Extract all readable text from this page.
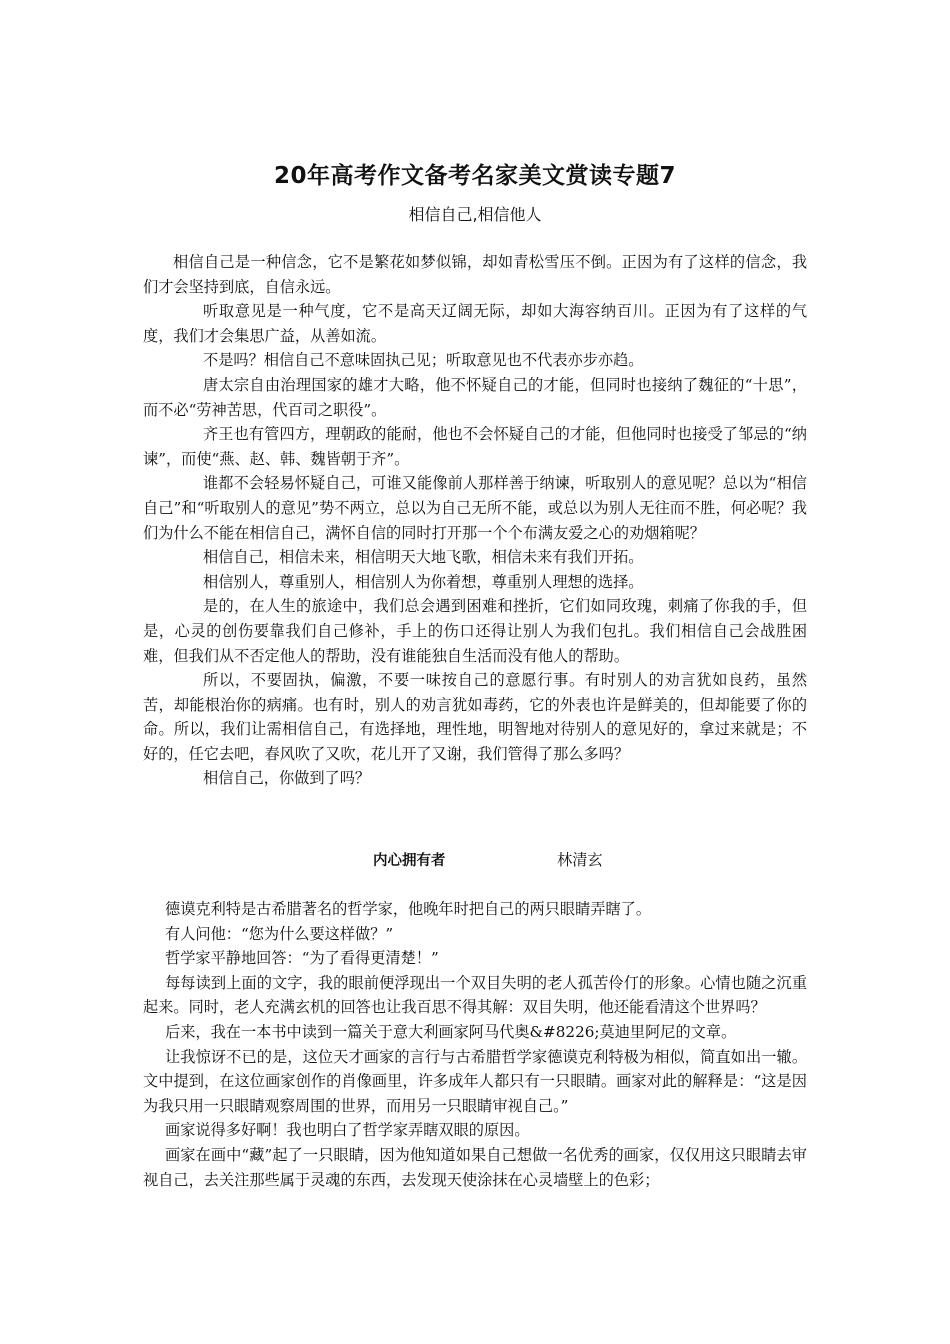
20年高考作文备考名家美文赏读专题7
相信自己,相信他人

相信自己是一种信念，它不是繁花如梦似锦，却如青松雪压不倒。正因为有了这样的信念，我们才会坚持到底，自信永远。

听取意见是一种气度，它不是高天辽阔无际，却如大海容纳百川。正因为有了这样的气度，我们才会集思广益，从善如流。

不是吗？相信自己不意味固执己见；听取意见也不代表亦步亦趋。

唐太宗自由治理国家的雄才大略，他不怀疑自己的才能，但同时也接纳了魏征的“十思”，而不必“劳神苦思，代百司之职役”。

齐王也有管四方，理朝政的能耐，他也不会怀疑自己的才能，但他同时也接受了邹忌的“纳谏”，而使“燕、赵、韩、魏皆朝于齐”。

谁都不会轻易怀疑自己，可谁又能像前人那样善于纳谏，听取别人的意见呢？总以为“相信自己”和“听取别人的意见”势不两立，总以为自己无所不能，或总以为别人无往而不胜，何必呢？我们为什么不能在相信自己，满怀自信的同时打开那一个个布满友爱之心的劝烟箱呢？

相信自己，相信未来，相信明天大地飞歌，相信未来有我们开拓。

相信别人，尊重别人，相信别人为你着想，尊重别人理想的选择。

是的，在人生的旅途中，我们总会遇到困难和挫折，它们如同玫瑰，刺痛了你我的手，但是，心灵的创伤要靠我们自己修补，手上的伤口还得让别人为我们包扎。我们相信自己会战胜困难，但我们从不否定他人的帮助，没有谁能独自生活而没有他人的帮助。

所以，不要固执，偏激，不要一味按自己的意愿行事。有时别人的劝言犹如良药，虽然苦，却能根治你的病痛。也有时，别人的劝言犹如毒药，它的外表也许是鲜美的，但却能要了你的命。所以，我们让需相信自己，有选择地，理性地，明智地对待别人的意见好的，拿过来就是；不好的，任它去吧，春风吹了又吹，花儿开了又谢，我们管得了那么多吗？

相信自己，你做到了吗？

内心拥有者	林清玄

德谟克利特是古希腊著名的哲学家，他晚年时把自己的两只眼睛弄瞎了。

有人问他：“您为什么要这样做？”

哲学家平静地回答：“为了看得更清楚！”

每每读到上面的文字，我的眼前便浮现出一个双目失明的老人孤苦伶仃的形象。心情也随之沉重起来。同时，老人充满玄机的回答也让我百思不得其解：双目失明，他还能看清这个世界吗？

后来，我在一本书中读到一篇关于意大利画家阿马代奥&#8226;莫迪里阿尼的文章。

让我惊讶不已的是，这位天才画家的言行与古希腊哲学家德谟克利特极为相似，简直如出一辙。文中提到，在这位画家创作的肖像画里，许多成年人都只有一只眼睛。画家对此的解释是：“这是因为我只用一只眼睛观察周围的世界，而用另一只眼睛审视自己。”

画家说得多好啊！我也明白了哲学家弄瞎双眼的原因。

画家在画中“藏”起了一只眼睛，因为他知道如果自己想做一名优秀的画家，仅仅用这只眼睛去审视自己，去关注那些属于灵魂的东西，去发现天使涂抹在心灵墙壁上的色彩；
